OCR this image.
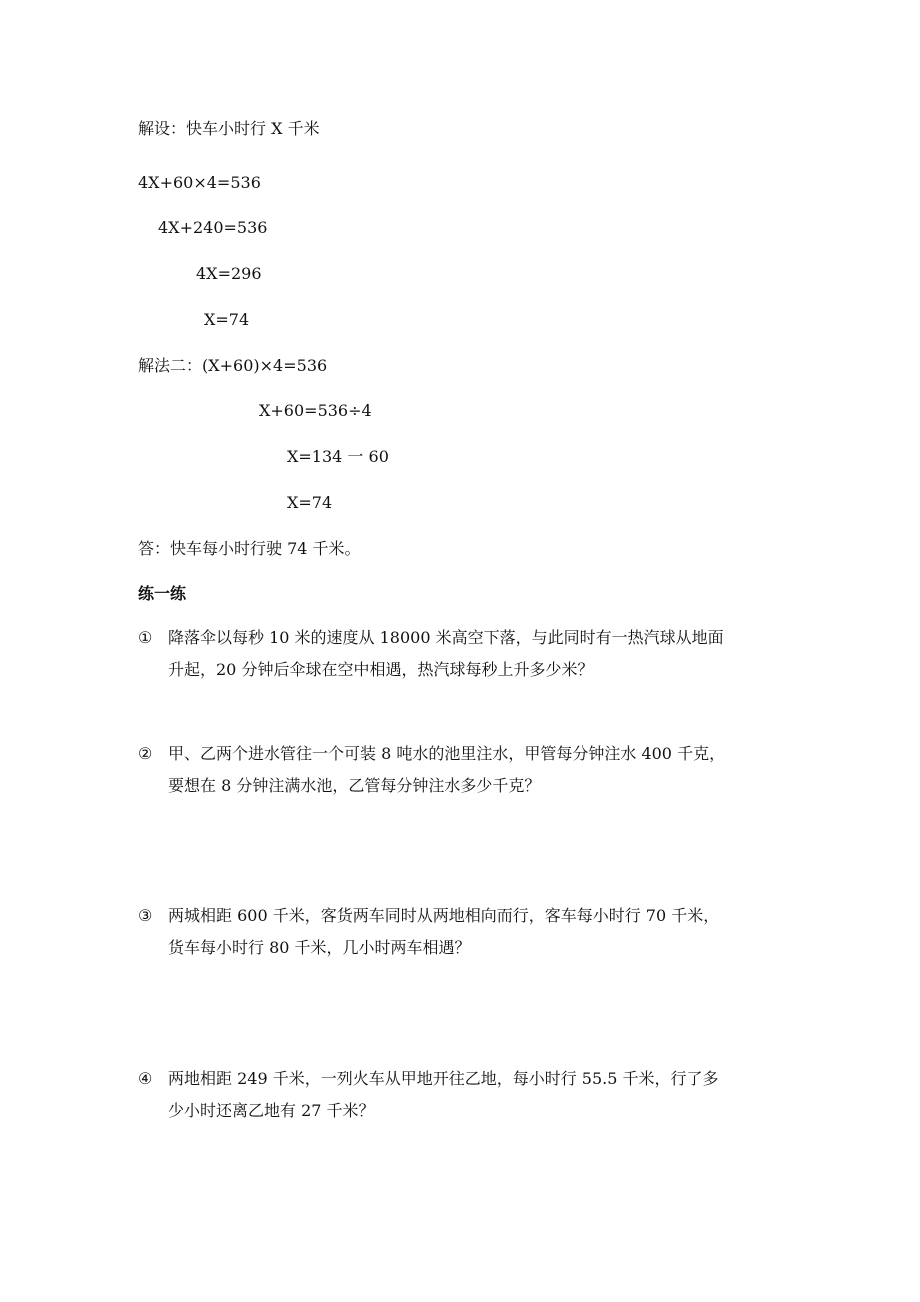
解设：快车小时行 X 千米
4X+60×4=536
4X+240=536
4X=296
X=74
解法二：(X+60)×4=536
X+60=536÷4
X=134 一 60
X=74
答：快车每小时行驶 74 千米。
练一练
① 降落伞以每秒 10 米的速度从 18000 米高空下落，与此同时有一热汽球从地面
升起，20 分钟后伞球在空中相遇，热汽球每秒上升多少米？
② 甲、乙两个进水管往一个可装 8 吨水的池里注水，甲管每分钟注水 400 千克，
要想在 8 分钟注满水池，乙管每分钟注水多少千克？
③ 两城相距 600 千米，客货两车同时从两地相向而行，客车每小时行 70 千米，
货车每小时行 80 千米，几小时两车相遇？
④ 两地相距 249 千米，一列火车从甲地开往乙地，每小时行 55.5 千米，行了多
少小时还离乙地有 27 千米？
